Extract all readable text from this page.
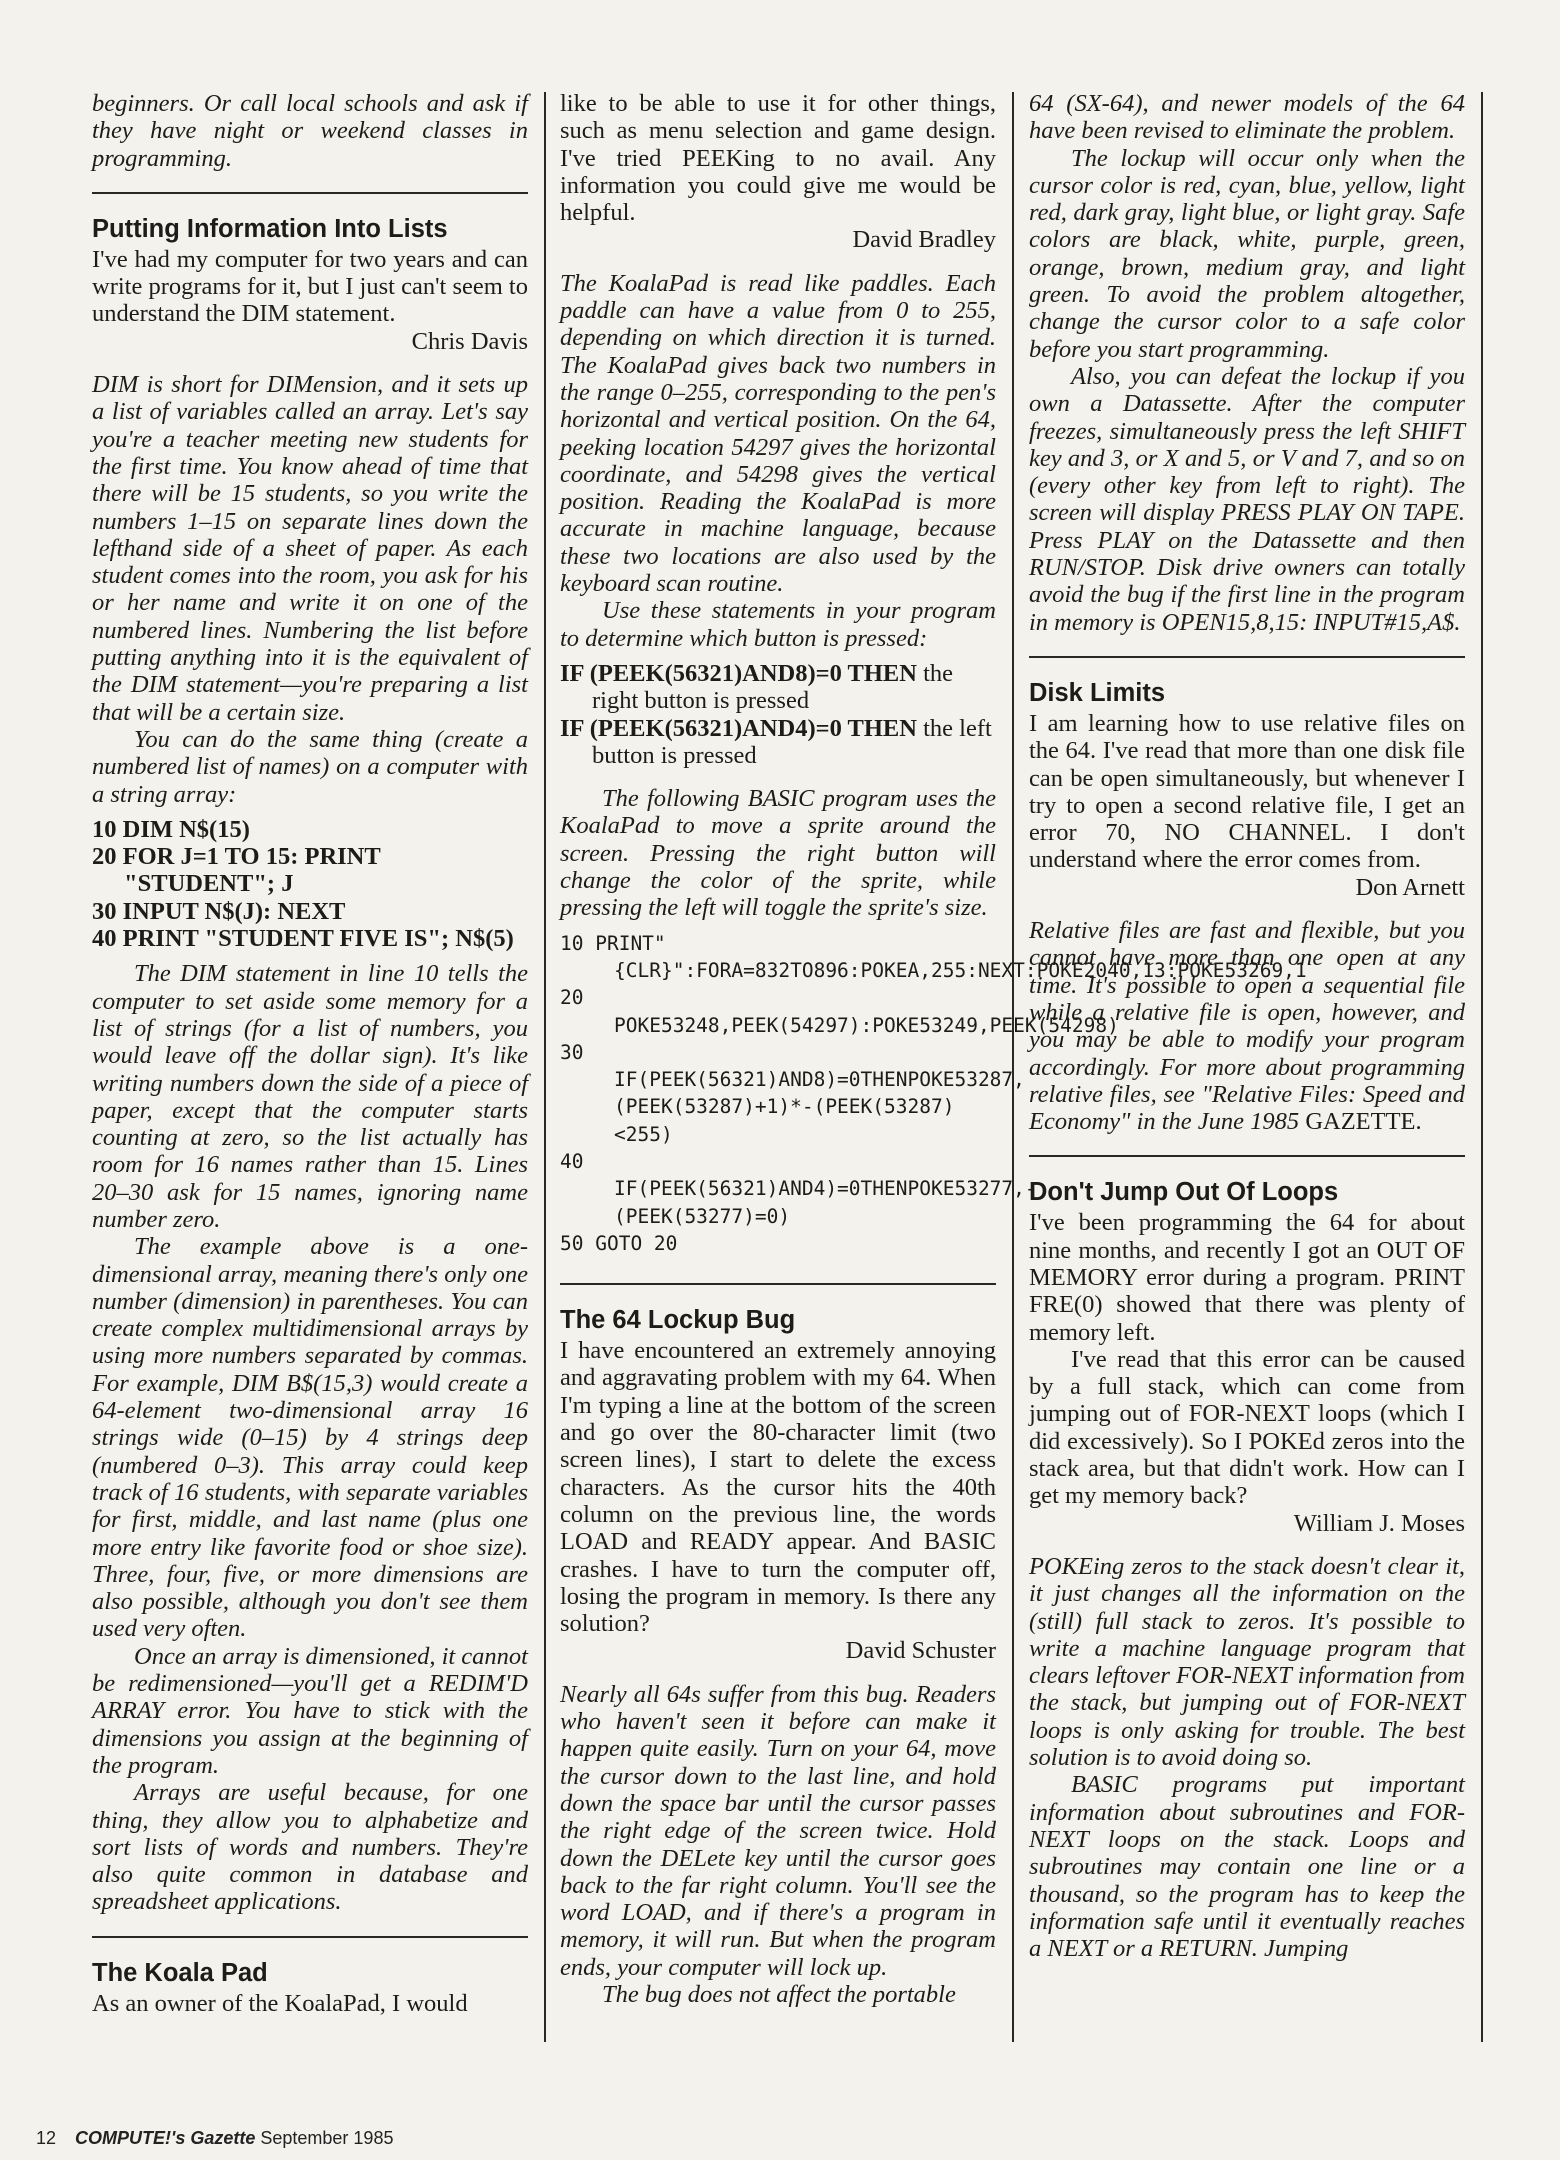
beginners. Or call local schools and ask if they have night or weekend classes in programming.

Putting Information Into Lists

I've had my computer for two years and can write programs for it, but I just can't seem to understand the DIM statement.

Chris Davis

DIM is short for DIMension, and it sets up a list of variables called an array. Let's say you're a teacher meeting new students for the first time. You know ahead of time that there will be 15 students, so you write the numbers 1–15 on separate lines down the lefthand side of a sheet of paper. As each student comes into the room, you ask for his or her name and write it on one of the numbered lines. Numbering the list before putting anything into it is the equivalent of the DIM statement—you're preparing a list that will be a certain size.

You can do the same thing (create a numbered list of names) on a computer with a string array:

10 DIM N$(15)

20 FOR J=1 TO 15: PRINT "STUDENT"; J

30 INPUT N$(J): NEXT

40 PRINT "STUDENT FIVE IS"; N$(5)

The DIM statement in line 10 tells the computer to set aside some memory for a list of strings (for a list of numbers, you would leave off the dollar sign). It's like writing numbers down the side of a piece of paper, except that the computer starts counting at zero, so the list actually has room for 16 names rather than 15. Lines 20–30 ask for 15 names, ignoring name number zero.

The example above is a one-dimensional array, meaning there's only one number (dimension) in parentheses. You can create complex multidimensional arrays by using more numbers separated by commas. For example, DIM B$(15,3) would create a 64-element two-dimensional array 16 strings wide (0–15) by 4 strings deep (numbered 0–3). This array could keep track of 16 students, with separate variables for first, middle, and last name (plus one more entry like favorite food or shoe size). Three, four, five, or more dimensions are also possible, although you don't see them used very often.

Once an array is dimensioned, it cannot be redimensioned—you'll get a REDIM'D ARRAY error. You have to stick with the dimensions you assign at the beginning of the program.

Arrays are useful because, for one thing, they allow you to alphabetize and sort lists of words and numbers. They're also quite common in database and spreadsheet applications.

The Koala Pad

As an owner of the KoalaPad, I would

like to be able to use it for other things, such as menu selection and game design. I've tried PEEKing to no avail. Any information you could give me would be helpful.

David Bradley

The KoalaPad is read like paddles. Each paddle can have a value from 0 to 255, depending on which direction it is turned. The KoalaPad gives back two numbers in the range 0–255, corresponding to the pen's horizontal and vertical position. On the 64, peeking location 54297 gives the horizontal coordinate, and 54298 gives the vertical position. Reading the KoalaPad is more accurate in machine language, because these two locations are also used by the keyboard scan routine.

Use these statements in your program to determine which button is pressed:

IF (PEEK(56321)AND8)=0 THEN the right button is pressed

IF (PEEK(56321)AND4)=0 THEN the left button is pressed

The following BASIC program uses the KoalaPad to move a sprite around the screen. Pressing the right button will change the color of the sprite, while pressing the left will toggle the sprite's size.

10 PRINT"{CLR}":FORA=832TO896:POKEA,255:NEXT:POKE2040,13:POKE53269,1

20 POKE53248,PEEK(54297):POKE53249,PEEK(54298)

30 IF(PEEK(56321)AND8)=0THENPOKE53287,(PEEK(53287)+1)*-(PEEK(53287)<255)

40 IF(PEEK(56321)AND4)=0THENPOKE53277,-(PEEK(53277)=0)

50 GOTO 20

The 64 Lockup Bug

I have encountered an extremely annoying and aggravating problem with my 64. When I'm typing a line at the bottom of the screen and go over the 80-character limit (two screen lines), I start to delete the excess characters. As the cursor hits the 40th column on the previous line, the words LOAD and READY appear. And BASIC crashes. I have to turn the computer off, losing the program in memory. Is there any solution?

David Schuster

Nearly all 64s suffer from this bug. Readers who haven't seen it before can make it happen quite easily. Turn on your 64, move the cursor down to the last line, and hold down the space bar until the cursor passes the right edge of the screen twice. Hold down the DELete key until the cursor goes back to the far right column. You'll see the word LOAD, and if there's a program in memory, it will run. But when the program ends, your computer will lock up.

The bug does not affect the portable

64 (SX-64), and newer models of the 64 have been revised to eliminate the problem.

The lockup will occur only when the cursor color is red, cyan, blue, yellow, light red, dark gray, light blue, or light gray. Safe colors are black, white, purple, green, orange, brown, medium gray, and light green. To avoid the problem altogether, change the cursor color to a safe color before you start programming.

Also, you can defeat the lockup if you own a Datassette. After the computer freezes, simultaneously press the left SHIFT key and 3, or X and 5, or V and 7, and so on (every other key from left to right). The screen will display PRESS PLAY ON TAPE. Press PLAY on the Datassette and then RUN/STOP. Disk drive owners can totally avoid the bug if the first line in the program in memory is OPEN15,8,15: INPUT#15,A$.

Disk Limits

I am learning how to use relative files on the 64. I've read that more than one disk file can be open simultaneously, but whenever I try to open a second relative file, I get an error 70, NO CHANNEL. I don't understand where the error comes from.

Don Arnett

Relative files are fast and flexible, but you cannot have more than one open at any time. It's possible to open a sequential file while a relative file is open, however, and you may be able to modify your program accordingly. For more about programming relative files, see "Relative Files: Speed and Economy" in the June 1985 GAZETTE.

Don't Jump Out Of Loops

I've been programming the 64 for about nine months, and recently I got an OUT OF MEMORY error during a program. PRINT FRE(0) showed that there was plenty of memory left.

I've read that this error can be caused by a full stack, which can come from jumping out of FOR-NEXT loops (which I did excessively). So I POKEd zeros into the stack area, but that didn't work. How can I get my memory back?

William J. Moses

POKEing zeros to the stack doesn't clear it, it just changes all the information on the (still) full stack to zeros. It's possible to write a machine language program that clears leftover FOR-NEXT information from the stack, but jumping out of FOR-NEXT loops is only asking for trouble. The best solution is to avoid doing so.

BASIC programs put important information about subroutines and FOR-NEXT loops on the stack. Loops and subroutines may contain one line or a thousand, so the program has to keep the information safe until it eventually reaches a NEXT or a RETURN. Jumping

12 COMPUTE!'s Gazette September 1985
